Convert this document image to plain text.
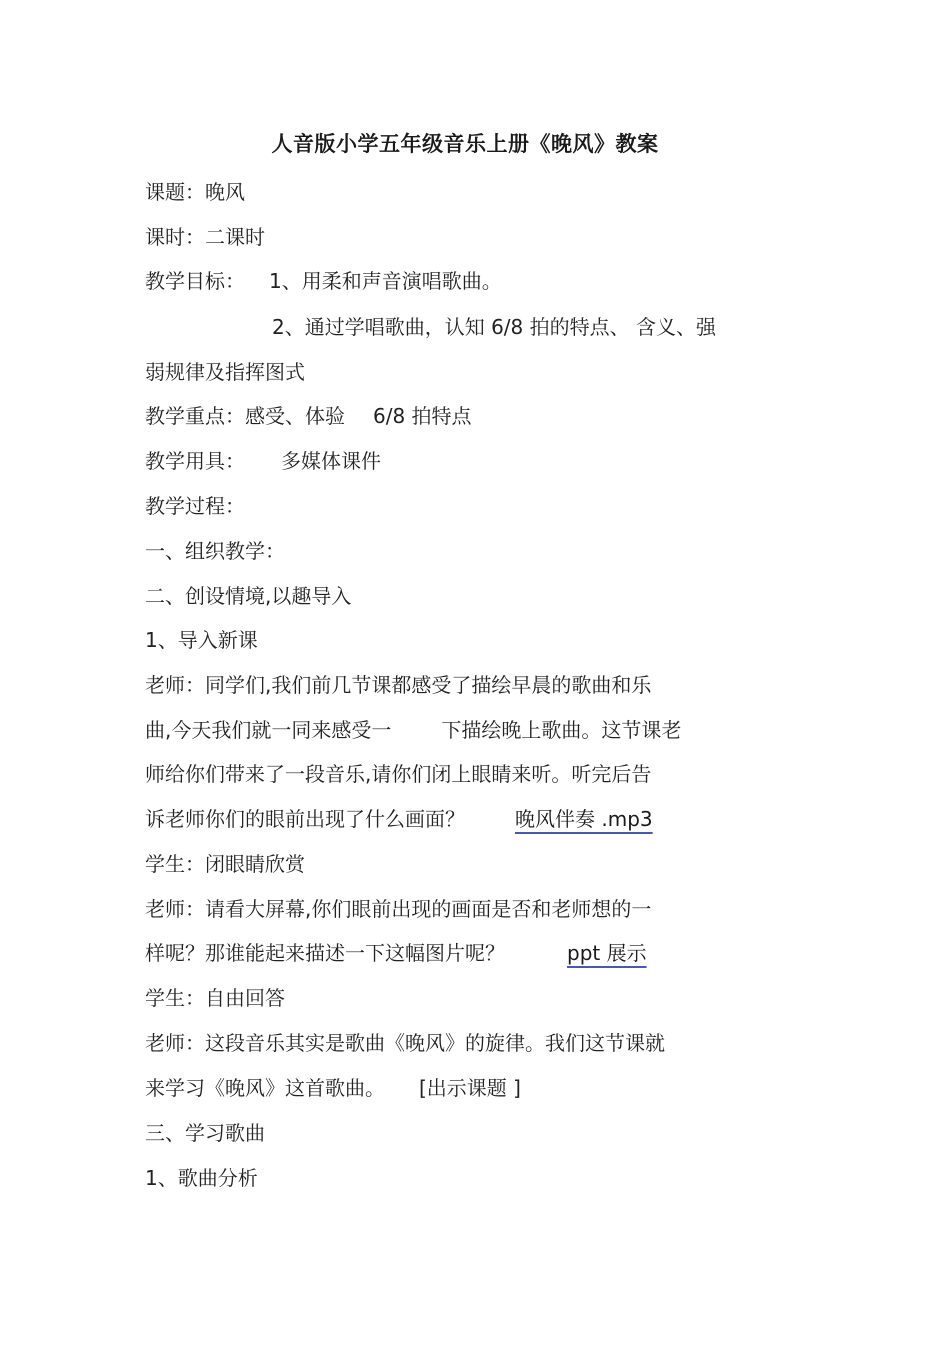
人音版小学五年级音乐上册《晚风》教案
课题：晚风
课时：二课时
教学目标： 1、用柔和声音演唱歌曲。
2、通过学唱歌曲，认知 6/8 拍的特点、 含义、强
弱规律及指挥图式
教学重点：感受、体验 6/8 拍特点
教学用具： 多媒体课件
教学过程：
一、组织教学：
二、创设情境,以趣导入
1、导入新课
老师：同学们,我们前几节课都感受了描绘早晨的歌曲和乐
曲,今天我们就一同来感受一	下描绘晚上歌曲。这节课老
师给你们带来了一段音乐,请你们闭上眼睛来听。听完后告
诉老师你们的眼前出现了什么画面？	晚风伴奏 .mp3
学生：闭眼睛欣赏
老师：请看大屏幕,你们眼前出现的画面是否和老师想的一
样呢？那谁能起来描述一下这幅图片呢？	ppt 展示
学生：自由回答
老师：这段音乐其实是歌曲《晚风》的旋律。我们这节课就
来学习《晚风》这首歌曲。 [出示课题 ]
三、学习歌曲
1、歌曲分析
